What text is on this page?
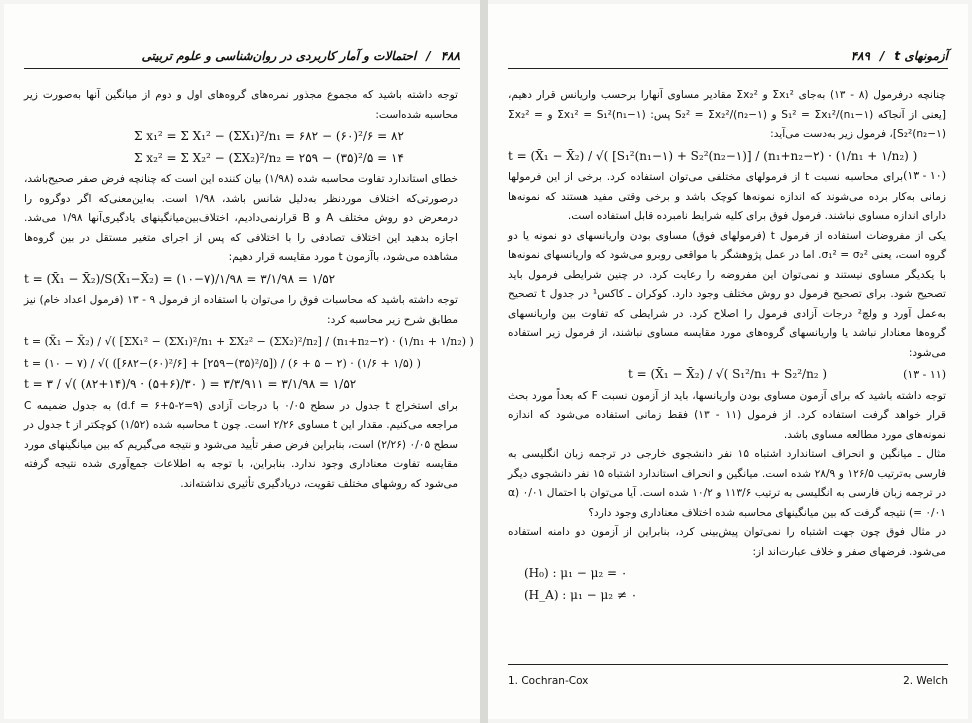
۴۸۸
/
احتمالات و آمار کاربردی در روان‌شناسی و علوم تربیتی

توجه داشته باشید که مجموع مجذور نمره‌های گروه‌های اول و دوم از میانگین آنها به‌صورت زیر محاسبه شده‌است:

Σ x₁² = Σ X₁² − (ΣX₁)²/n₁ = ۶۸۲ − (۶۰)²/۶ = ۸۲
Σ x₂² = Σ X₂² − (ΣX₂)²/n₂ = ۲۵۹ − (۳۵)²/۵ = ۱۴

خطای استاندارد تفاوت محاسبه شده (۱/۹۸) بیان کننده این است که چنانچه فرض صفر صحیح‌باشد، درصورتی‌که اختلاف موردنظر به‌دلیل شانس باشد، ۱/۹۸ است. به‌این‌معنی‌که اگر دوگروه را درمعرض دو روش مختلف A و B قرارنمی‌دادیم، اختلاف‌بین‌میانگینهای یادگیری‌آنها ۱/۹۸ می‌شد. اجازه بدهید این اختلاف تصادفی را با اختلافی که پس از اجرای متغیر مستقل در بین گروه‌ها مشاهده می‌شود، باآزمون t مورد مقایسه قرار دهیم:

t = (X̄₁ − X̄₂)/S(X̄₁−X̄₂) = (۱۰−۷)/۱/۹۸ = ۳/۱/۹۸ = ۱/۵۲

توجه داشته باشید که محاسبات فوق را می‌توان با استفاده از فرمول ۹ - ۱۳ (فرمول اعداد خام) نیز مطابق شرح زیر محاسبه کرد:

t = (X̄₁ − X̄₂) / √( [ΣX₁² − (ΣX₁)²/n₁ + ΣX₂² − (ΣX₂)²/n₂] / (n₁+n₂−۲) · (۱/n₁ + ۱/n₂) )
t = (۱۰ − ۷) / √( ([۶۸۲−(۶۰)²/۶] + [۲۵۹−(۳۵)²/۵]) / (۶ + ۵ − ۲) · (۱/۶ + ۱/۵) )
t = ۳ / √( (۸۲+۱۴)/۹ · (۵+۶)/۳۰ ) = ۳/۳/۹۱۱ = ۳/۱/۹۸ = ۱/۵۲

برای استخراج t جدول در سطح ۰/۰۵ با درجات آزادی (۹=۲-۵+۶ = d.f) به جدول ضمیمه C مراجعه می‌کنیم. مقدار این t مساوی ۲/۲۶ است. چون t محاسبه شده (۱/۵۲) کوچکتر از t جدول در سطح ۰/۰۵ (۲/۲۶) است، بنابراین فرض صفر تأیید می‌شود و نتیجه می‌گیریم که بین میانگینهای مورد مقایسه تفاوت معناداری وجود ندارد. بنابراین، با توجه به اطلاعات جمع‌آوری شده نتیجه گرفته می‌شود که روشهای مختلف تقویت، دریادگیری تأثیری نداشته‌اند.

آزمونهای t
/
۴۸۹

چنانچه درفرمول (۸ - ۱۳) به‌جای Σx₁² و Σx₂² مقادیر مساوی آنهارا برحسب واریانس قرار دهیم، [یعنی از آنجاکه S₁² = Σx₁²/(n₁−۱) و S₂² = Σx₂²/(n₂−۱) پس: Σx₁² = S₁²(n₁−۱) و Σx₂² = S₂²(n₂−۱)]، فرمول زیر به‌دست می‌آید:

t = (X̄₁ − X̄₂) / √( [S₁²(n₁−۱) + S₂²(n₂−۱)] / (n₁+n₂−۲) · (۱/n₁ + ۱/n₂) )
(۱۳ - ۱۰)

برای محاسبه نسبت t از فرمولهای مختلفی می‌توان استفاده کرد. برخی از این فرمولها زمانی به‌کار برده می‌شوند که اندازه نمونه‌ها کوچک باشد و برخی وقتی مفید هستند که نمونه‌ها دارای اندازه مساوی نباشند. فرمول فوق برای کلیه شرایط نامبرده قابل استفاده است.

یکی از مفروضات استفاده از فرمول t (فرمولهای فوق) مساوی بودن واریانسهای دو نمونه یا دو گروه است، یعنی σ₁² = σ₂². اما در عمل پژوهشگر با مواقعی روبرو می‌شود که واریانسهای نمونه‌ها با یکدیگر مساوی نیستند و نمی‌توان این مفروضه را رعایت کرد. در چنین شرایطی فرمول باید تصحیح شود. برای تصحیح فرمول دو روش مختلف وجود دارد. کوکران ـ کاکس¹ در جدول t تصحیح به‌عمل آورد و ولچ² درجات آزادی فرمول را اصلاح کرد. در شرایطی که تفاوت بین واریانسهای گروه‌ها معنادار نباشد یا واریانسهای گروه‌های مورد مقایسه مساوی نباشند، از فرمول زیر استفاده می‌شود:

t = (X̄₁ − X̄₂) / √( S₁²/n₁ + S₂²/n₂ )	(۱۳ - ۱۱)

توجه داشته باشید که برای آزمون مساوی بودن واریانسها، باید از آزمون نسبت F که بعداً مورد بحث قرار خواهد گرفت استفاده کرد. از فرمول (۱۱ - ۱۳) فقط زمانی استفاده می‌شود که اندازه نمونه‌های مورد مطالعه مساوی باشد.

مثال ـ میانگین و انحراف استاندارد اشتباه ۱۵ نفر دانشجوی خارجی در ترجمه زبان انگلیسی به فارسی به‌ترتیب ۱۲۶/۵ و ۲۸/۹ شده است. میانگین و انحراف استاندارد اشتباه ۱۵ نفر دانشجوی دیگر در ترجمه زبان فارسی به انگلیسی به ترتیب ۱۱۳/۶ و ۱۰/۲ شده است. آیا می‌توان با احتمال ۰/۰۱ (α = ۰/۰۱) نتیجه گرفت که بین میانگینهای محاسبه شده اختلاف معناداری وجود دارد؟

در مثال فوق چون جهت اشتباه را نمی‌توان پیش‌بینی کرد، بنابراین از آزمون دو دامنه استفاده می‌شود. فرضهای صفر و خلاف عبارت‌اند از:

(H₀) : μ₁ − μ₂ = ۰
(H_A) : μ₁ − μ₂ ≠ ۰
1. Cochran-Cox	2. Welch
